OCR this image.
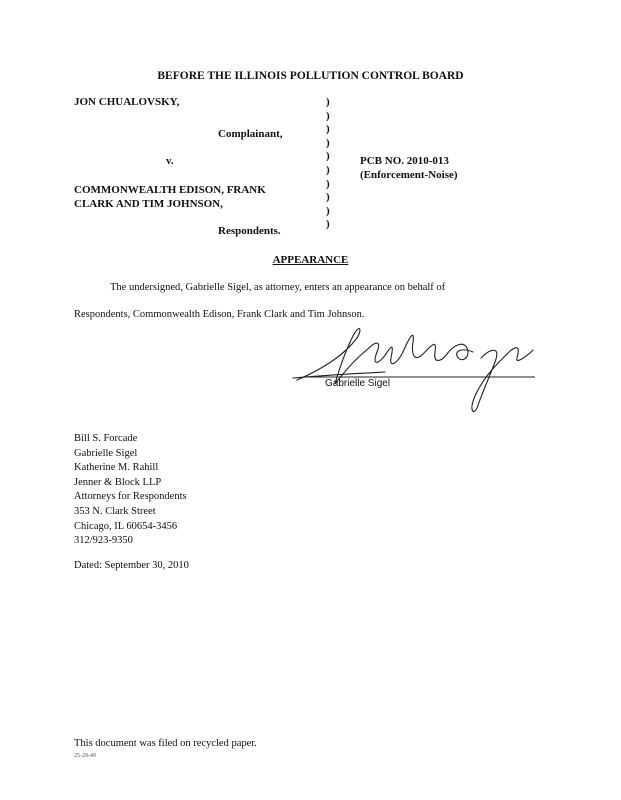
BEFORE THE ILLINOIS POLLUTION CONTROL BOARD
JON CHUALOVSKY,
Complainant,
v.
COMMONWEALTH EDISON, FRANK
CLARK AND TIM JOHNSON,
Respondents.
)
)
)
)
)
)
)
)
)
)
PCB NO. 2010-013
(Enforcement-Noise)
APPEARANCE
The undersigned, Gabrielle Sigel, as attorney, enters an appearance on behalf of
Respondents, Commonwealth Edison, Frank Clark and Tim Johnson.
Gabrielle Sigel
Bill S. Forcade
Gabrielle Sigel
Katherine M. Rahill
Jenner & Block LLP
Attorneys for Respondents
353 N. Clark Street
Chicago, IL 60654-3456
312/923-9350
Dated: September 30, 2010
This document was filed on recycled paper.
25-29-49
